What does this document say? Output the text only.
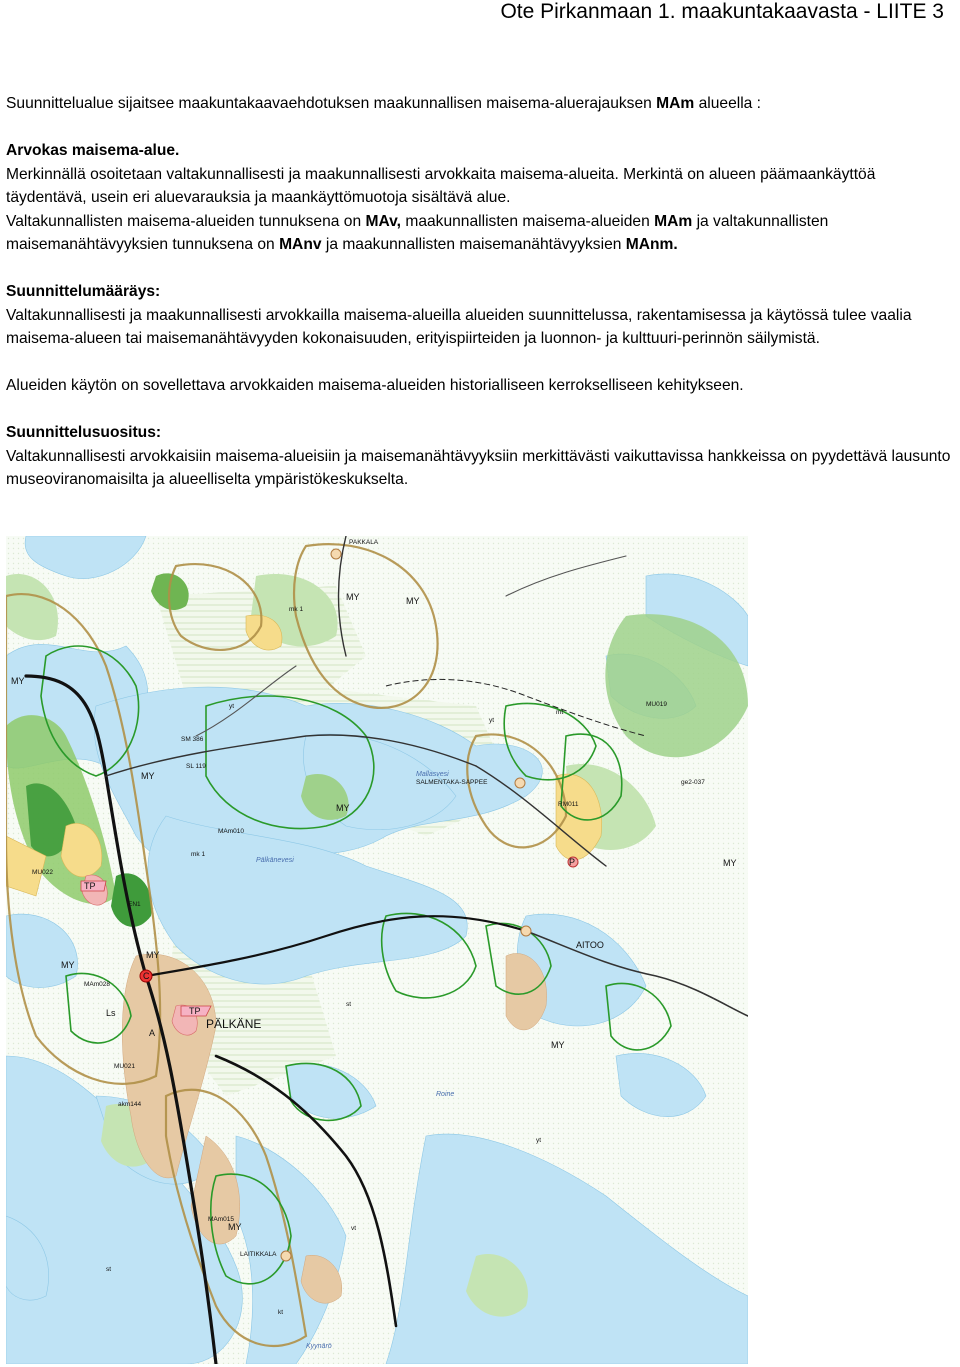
Ote Pirkanmaan 1. maakuntakaavasta - LIITE 3

Suunnittelualue sijaitsee maakuntakaavaehdotuksen maakunnallisen maisema-aluerajauksen MAm alueella :

Arvokas maisema-alue.

Merkinnällä osoitetaan valtakunnallisesti ja maakunnallisesti arvokkaita maisema-alueita. Merkintä on alueen päämaankäyttöä täydentävä, usein eri aluevarauksia ja maankäyttömuotoja sisältävä alue.

Valtakunnallisten maisema-alueiden tunnuksena on MAv, maakunnallisten maisema-alueiden MAm ja valtakunnallisten maisemanähtävyyksien tunnuksena on MAnv ja maakunnallisten maisemanähtävyyksien MAnm.

Suunnittelumääräys:

Valtakunnallisesti ja maakunnallisesti arvokkailla maisema-alueilla alueiden suunnittelussa, rakentamisessa ja käytössä tulee vaalia maisema-alueen tai maisemanähtävyyden kokonaisuuden, erityispiirteiden ja luonnon- ja kulttuuri-perinnön säilymistä.

Alueiden käytön on sovellettava arvokkaiden maisema-alueiden historialliseen kerrokselliseen kehitykseen.

Suunnittelusuositus:

Valtakunnallisesti arvokkaisiin maisema-alueisiin ja maisemanähtävyyksiin merkittävästi vaikuttavissa hankkeissa on pyydettävä lausunto museoviranomaisilta ja alueelliselta ympäristökeskukselta.

PÄLKÄNE
AITOO
SALMENTAKA-SAPPEE
LAITIKKALA
PAKKALA
MAm010
MAm015
MAm028
MU019
RM011
MU022
MU021
mk 1
mk 1
EN1
Ls
A
P
C
TP
TP
MY	MY
MY
MY
MY
MY
MY
MY
MY
MY
yt
yt
yt
st
st
kt
vt
mt
SM 386
SL 119
ge2-037
akm144
Pälkänevesi
Mallasvesi
Roine
Kyynärö
